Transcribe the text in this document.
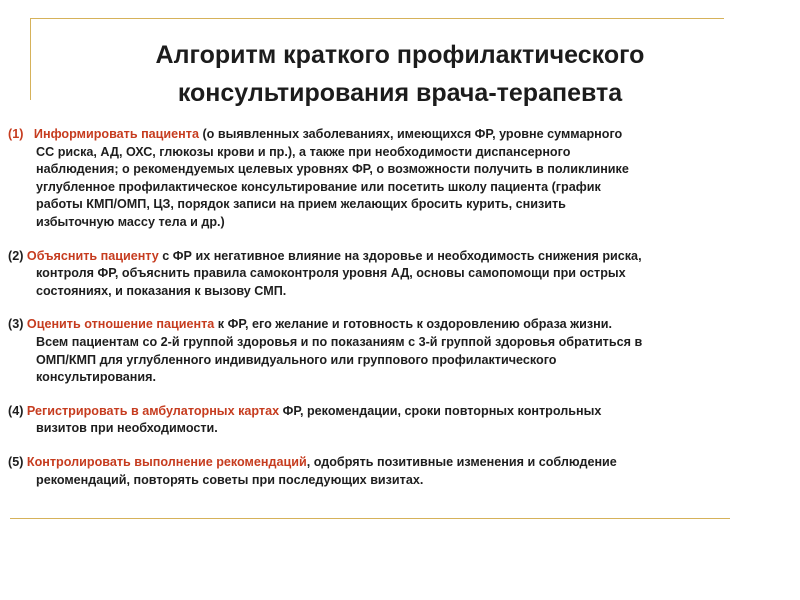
Алгоритм краткого профилактического
консультирования врача-терапевта

(1) Информировать пациента (о выявленных заболеваниях, имеющихся ФР, уровне суммарного
СС риска, АД, ОХС, глюкозы крови и пр.), а также при необходимости диспансерного
наблюдения; о рекомендуемых целевых уровнях ФР, о возможности получить в поликлинике
углубленное профилактическое консультирование или посетить школу пациента (график
работы КМП/ОМП, ЦЗ, порядок записи на прием желающих бросить курить, снизить
избыточную массу тела и др.)

(2) Объяснить пациенту с ФР их негативное влияние на здоровье и необходимость снижения риска,
контроля ФР, объяснить правила самоконтроля уровня АД, основы самопомощи при острых
состояниях, и показания к вызову СМП.

(3) Оценить отношение пациента к ФР, его желание и готовность к оздоровлению образа жизни.
Всем пациентам со 2-й группой здоровья и по показаниям с 3-й группой здоровья обратиться в
ОМП/КМП для углубленного индивидуального или группового профилактического
консультирования.

(4) Регистрировать в амбулаторных картах ФР, рекомендации, сроки повторных контрольных
визитов при необходимости.

(5) Контролировать выполнение рекомендаций, одобрять позитивные изменения и соблюдение
рекомендаций, повторять советы при последующих визитах.
